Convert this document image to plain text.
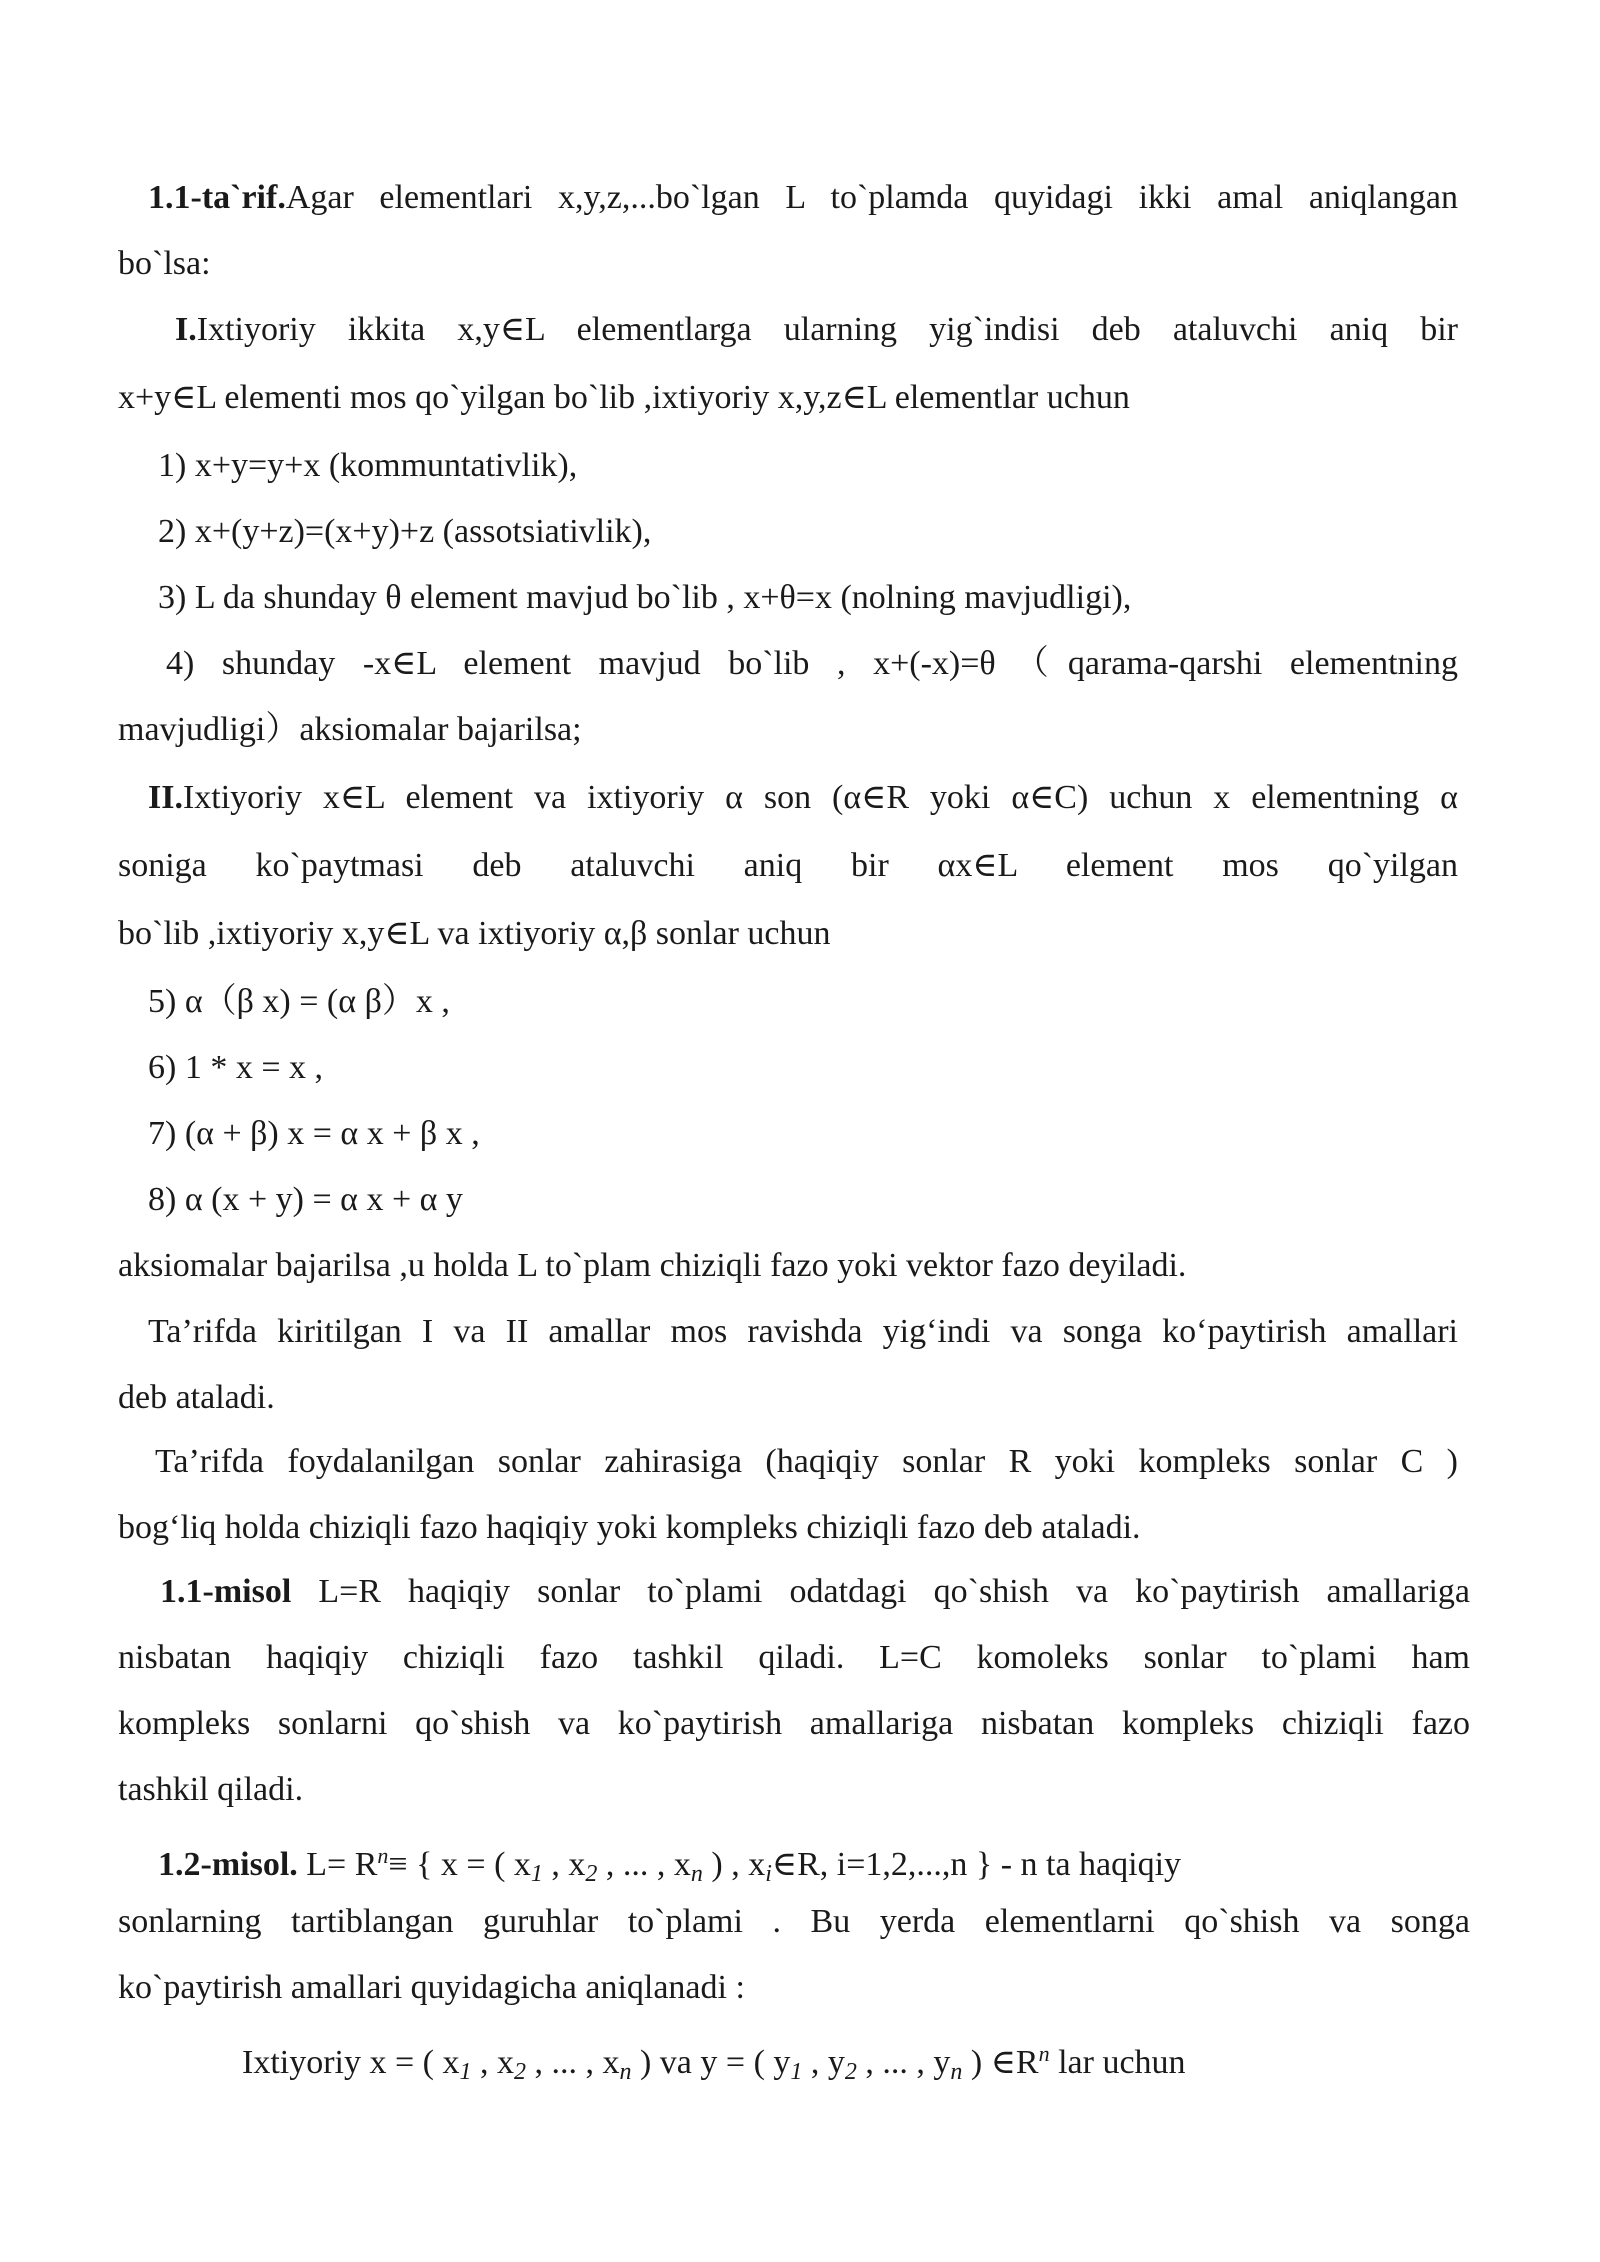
1.1-ta`rif.Agar elementlari x,y,z,...bo`lgan L to`plamda quyidagi ikki amal aniqlangan
bo`lsa:
I.Ixtiyoriy ikkita x,y∈L elementlarga ularning yig`indisi deb ataluvchi aniq bir
x+y∈L elementi mos qo`yilgan bo`lib ,ixtiyoriy x,y,z∈L elementlar uchun
1) x+y=y+x (kommuntativlik),
2) x+(y+z)=(x+y)+z (assotsiativlik),
3) L da shunday θ element mavjud bo`lib , x+θ=x (nolning mavjudligi),
4) shunday -x∈L element mavjud bo`lib , x+(-x)=θ（qarama-qarshi elementning
mavjudligi）aksiomalar bajarilsa;
II.Ixtiyoriy x∈L element va ixtiyoriy α son (α∈R yoki α∈C) uchun x elementning α
soniga ko`paytmasi deb ataluvchi aniq bir αx∈L element mos qo`yilgan
bo`lib ,ixtiyoriy x,y∈L va ixtiyoriy α,β sonlar uchun
5) α（β x) = (α β）x ,
6) 1 * x = x ,
7) (α + β) x = α x + β x ,
8) α (x + y) = α x + α y
aksiomalar bajarilsa ,u holda L to`plam chiziqli fazo yoki vektor fazo deyiladi.
Ta’rifda kiritilgan I va II amallar mos ravishda yig‘indi va songa ko‘paytirish amallari
deb ataladi.
Ta’rifda foydalanilgan sonlar zahirasiga (haqiqiy sonlar R yoki kompleks sonlar C )
bog‘liq holda chiziqli fazo haqiqiy yoki kompleks chiziqli fazo deb ataladi.
1.1-misol L=R haqiqiy sonlar to`plami odatdagi qo`shish va ko`paytirish amallariga
nisbatan haqiqiy chiziqli fazo tashkil qiladi. L=C komoleks sonlar to`plami ham
kompleks sonlarni qo`shish va ko`paytirish amallariga nisbatan kompleks chiziqli fazo
tashkil qiladi.
1.2-misol. $L= R^n\equiv$ { x = ( $x_1$ , $x_2$ , ... , $x_n$ ) , $x_i\in R$, i=1,2,...,n } - n ta haqiqiy
sonlarning tartiblangan guruhlar to`plami . Bu yerda elementlarni qo`shish va songa
ko`paytirish amallari quyidagicha aniqlanadi :
Ixtiyoriy x = ( $x_1$ , $x_2$ , ... , $x_n$ ) va y = ( $y_1$ , $y_2$ , ... , $y_n$ ) $\in R^n$ lar uchun
